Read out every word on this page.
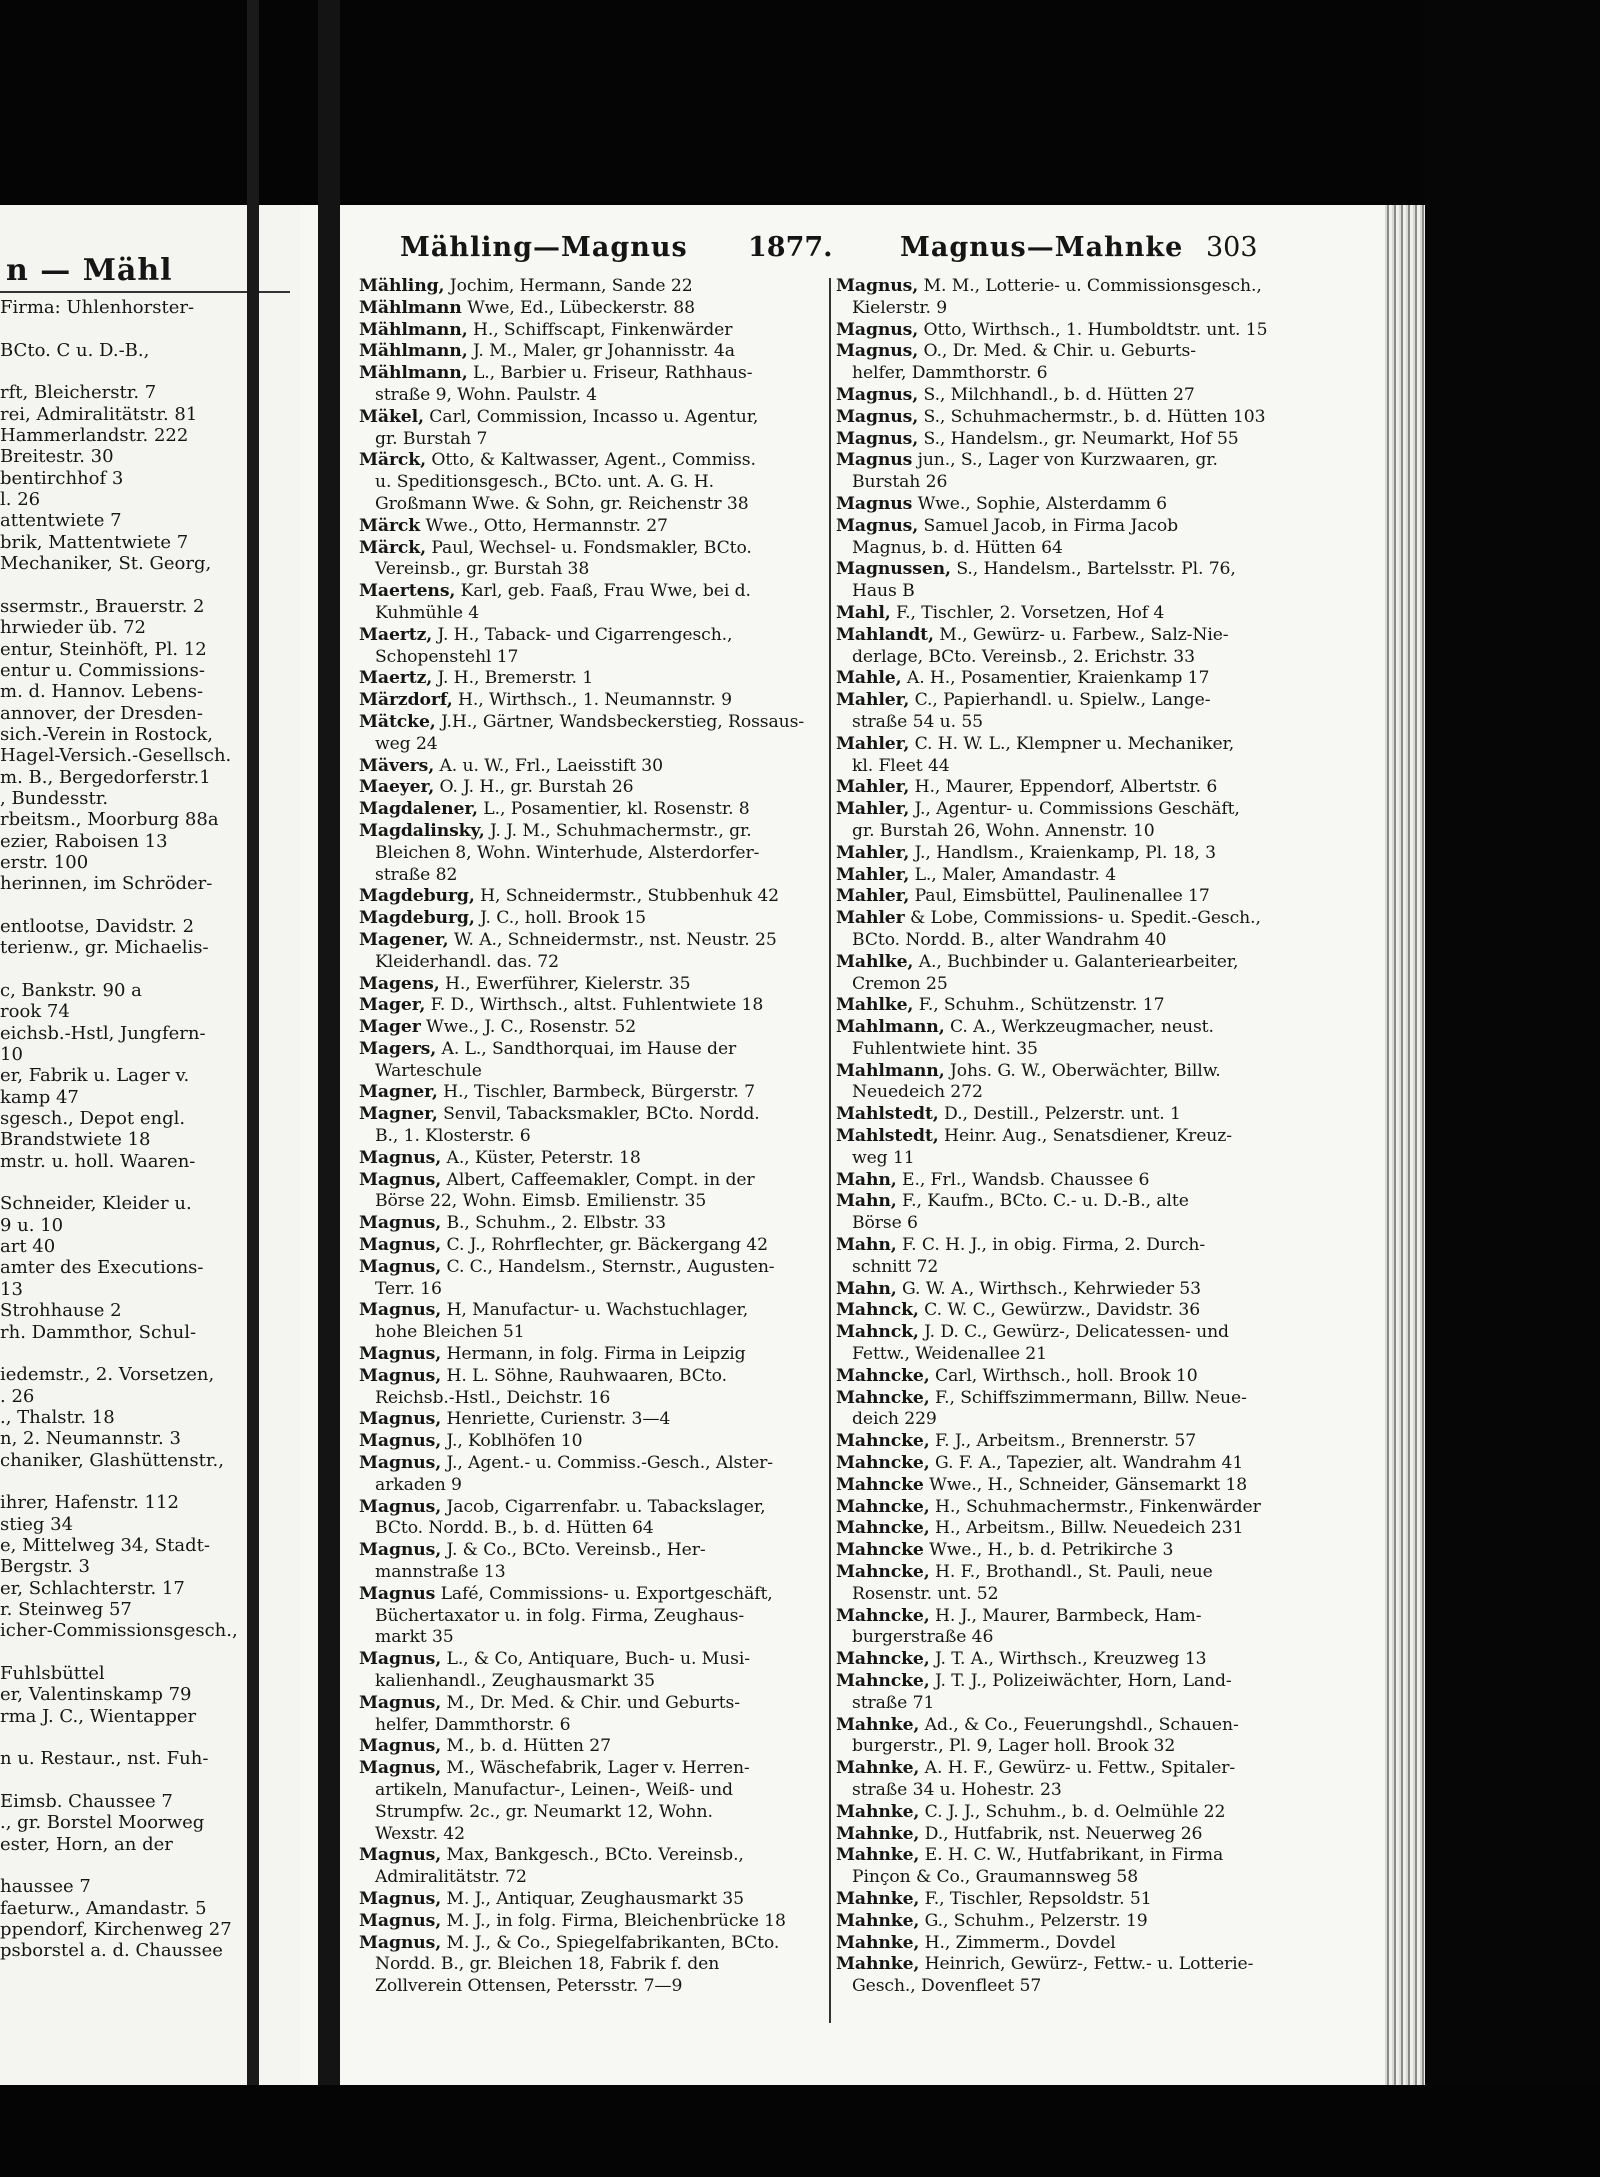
n — Mähl
Firma: Uhlenhorster-
BCto. C u. D.-B.,
rft, Bleicherstr. 7
rei, Admiralitätstr. 81
Hammerlandstr. 222
Breitestr. 30
bentirchhof 3
l. 26
attentwiete 7
brik, Mattentwiete 7
Mechaniker, St. Georg,
ssermstr., Brauerstr. 2
hrwieder üb. 72
entur, Steinhöft, Pl. 12
entur u. Commissions-
m. d. Hannov. Lebens-
annover, der Dresden-
sich.-Verein in Rostock,
Hagel-Versich.-Gesellsch.
m. B., Bergedorferstr.1
, Bundesstr.
rbeitsm., Moorburg 88a
ezier, Raboisen 13
erstr. 100
herinnen, im Schröder-
entlootse, Davidstr. 2
terienw., gr. Michaelis-
c, Bankstr. 90 a
rook 74
eichsb.-Hstl, Jungfern-
10
er, Fabrik u. Lager v.
kamp 47
sgesch., Depot engl.
Brandstwiete 18
mstr. u. holl. Waaren-
Schneider, Kleider u.
9 u. 10
art 40
amter des Executions-
13
Strohhause 2
rh. Dammthor, Schul-
iedemstr., 2. Vorsetzen,
. 26
., Thalstr. 18
n, 2. Neumannstr. 3
chaniker, Glashüttenstr.,
ihrer, Hafenstr. 112
stieg 34
e, Mittelweg 34, Stadt-
Bergstr. 3
er, Schlachterstr. 17
r. Steinweg 57
icher-Commissionsgesch.,
Fuhlsbüttel
er, Valentinskamp 79
rma J. C., Wientapper
n u. Restaur., nst. Fuh-
Eimsb. Chaussee 7
., gr. Borstel Moorweg
ester, Horn, an der
haussee 7
faeturw., Amandastr. 5
ppendorf, Kirchenweg 27
psborstel a. d. Chaussee
Mähling—Magnus 1877. Magnus—Mahnke 303
Mähling, Jochim, Hermann, Sande 22
Mählmann Wwe, Ed., Lübeckerstr. 88
Mählmann, H., Schiffscapt, Finkenwärder
Mählmann, J. M., Maler, gr Johannisstr. 4a
Mählmann, L., Barbier u. Friseur, Rathhaus-
straße 9, Wohn. Paulstr. 4
Mäkel, Carl, Commission, Incasso u. Agentur,
gr. Burstah 7
Märck, Otto, & Kaltwasser, Agent., Commiss.
u. Speditionsgesch., BCto. unt. A. G. H.
Großmann Wwe. & Sohn, gr. Reichenstr 38
Märck Wwe., Otto, Hermannstr. 27
Märck, Paul, Wechsel- u. Fondsmakler, BCto.
Vereinsb., gr. Burstah 38
Maertens, Karl, geb. Faaß, Frau Wwe, bei d.
Kuhmühle 4
Maertz, J. H., Taback- und Cigarrengesch.,
Schopenstehl 17
Maertz, J. H., Bremerstr. 1
Märzdorf, H., Wirthsch., 1. Neumannstr. 9
Mätcke, J.H., Gärtner, Wandsbeckerstieg, Rossaus-
weg 24
Mävers, A. u. W., Frl., Laeisstift 30
Maeyer, O. J. H., gr. Burstah 26
Magdalener, L., Posamentier, kl. Rosenstr. 8
Magdalinsky, J. J. M., Schuhmachermstr., gr.
Bleichen 8, Wohn. Winterhude, Alsterdorfer-
straße 82
Magdeburg, H, Schneidermstr., Stubbenhuk 42
Magdeburg, J. C., holl. Brook 15
Magener, W. A., Schneidermstr., nst. Neustr. 25
Kleiderhandl. das. 72
Magens, H., Ewerführer, Kielerstr. 35
Mager, F. D., Wirthsch., altst. Fuhlentwiete 18
Mager Wwe., J. C., Rosenstr. 52
Magers, A. L., Sandthorquai, im Hause der
Warteschule
Magner, H., Tischler, Barmbeck, Bürgerstr. 7
Magner, Senvil, Tabacksmakler, BCto. Nordd.
B., 1. Klosterstr. 6
Magnus, A., Küster, Peterstr. 18
Magnus, Albert, Caffeemakler, Compt. in der
Börse 22, Wohn. Eimsb. Emilienstr. 35
Magnus, B., Schuhm., 2. Elbstr. 33
Magnus, C. J., Rohrflechter, gr. Bäckergang 42
Magnus, C. C., Handelsm., Sternstr., Augusten-
Terr. 16
Magnus, H, Manufactur- u. Wachstuchlager,
hohe Bleichen 51
Magnus, Hermann, in folg. Firma in Leipzig
Magnus, H. L. Söhne, Rauhwaaren, BCto.
Reichsb.-Hstl., Deichstr. 16
Magnus, Henriette, Curienstr. 3—4
Magnus, J., Koblhöfen 10
Magnus, J., Agent.- u. Commiss.-Gesch., Alster-
arkaden 9
Magnus, Jacob, Cigarrenfabr. u. Tabackslager,
BCto. Nordd. B., b. d. Hütten 64
Magnus, J. & Co., BCto. Vereinsb., Her-
mannstraße 13
Magnus Lafé, Commissions- u. Exportgeschäft,
Büchertaxator u. in folg. Firma, Zeughaus-
markt 35
Magnus, L., & Co, Antiquare, Buch- u. Musi-
kalienhandl., Zeughausmarkt 35
Magnus, M., Dr. Med. & Chir. und Geburts-
helfer, Dammthorstr. 6
Magnus, M., b. d. Hütten 27
Magnus, M., Wäschefabrik, Lager v. Herren-
artikeln, Manufactur-, Leinen-, Weiß- und
Strumpfw. 2c., gr. Neumarkt 12, Wohn.
Wexstr. 42
Magnus, Max, Bankgesch., BCto. Vereinsb.,
Admiralitätstr. 72
Magnus, M. J., Antiquar, Zeughausmarkt 35
Magnus, M. J., in folg. Firma, Bleichenbrücke 18
Magnus, M. J., & Co., Spiegelfabrikanten, BCto.
Nordd. B., gr. Bleichen 18, Fabrik f. den
Zollverein Ottensen, Petersstr. 7—9
Magnus, M. M., Lotterie- u. Commissionsgesch.,
Kielerstr. 9
Magnus, Otto, Wirthsch., 1. Humboldtstr. unt. 15
Magnus, O., Dr. Med. & Chir. u. Geburts-
helfer, Dammthorstr. 6
Magnus, S., Milchhandl., b. d. Hütten 27
Magnus, S., Schuhmachermstr., b. d. Hütten 103
Magnus, S., Handelsm., gr. Neumarkt, Hof 55
Magnus jun., S., Lager von Kurzwaaren, gr.
Burstah 26
Magnus Wwe., Sophie, Alsterdamm 6
Magnus, Samuel Jacob, in Firma Jacob
Magnus, b. d. Hütten 64
Magnussen, S., Handelsm., Bartelsstr. Pl. 76,
Haus B
Mahl, F., Tischler, 2. Vorsetzen, Hof 4
Mahlandt, M., Gewürz- u. Farbew., Salz-Nie-
derlage, BCto. Vereinsb., 2. Erichstr. 33
Mahle, A. H., Posamentier, Kraienkamp 17
Mahler, C., Papierhandl. u. Spielw., Lange-
straße 54 u. 55
Mahler, C. H. W. L., Klempner u. Mechaniker,
kl. Fleet 44
Mahler, H., Maurer, Eppendorf, Albertstr. 6
Mahler, J., Agentur- u. Commissions Geschäft,
gr. Burstah 26, Wohn. Annenstr. 10
Mahler, J., Handlsm., Kraienkamp, Pl. 18, 3
Mahler, L., Maler, Amandastr. 4
Mahler, Paul, Eimsbüttel, Paulinenallee 17
Mahler & Lobe, Commissions- u. Spedit.-Gesch.,
BCto. Nordd. B., alter Wandrahm 40
Mahlke, A., Buchbinder u. Galanteriearbeiter,
Cremon 25
Mahlke, F., Schuhm., Schützenstr. 17
Mahlmann, C. A., Werkzeugmacher, neust.
Fuhlentwiete hint. 35
Mahlmann, Johs. G. W., Oberwächter, Billw.
Neuedeich 272
Mahlstedt, D., Destill., Pelzerstr. unt. 1
Mahlstedt, Heinr. Aug., Senatsdiener, Kreuz-
weg 11
Mahn, E., Frl., Wandsb. Chaussee 6
Mahn, F., Kaufm., BCto. C.- u. D.-B., alte
Börse 6
Mahn, F. C. H. J., in obig. Firma, 2. Durch-
schnitt 72
Mahn, G. W. A., Wirthsch., Kehrwieder 53
Mahnck, C. W. C., Gewürzw., Davidstr. 36
Mahnck, J. D. C., Gewürz-, Delicatessen- und
Fettw., Weidenallee 21
Mahncke, Carl, Wirthsch., holl. Brook 10
Mahncke, F., Schiffszimmermann, Billw. Neue-
deich 229
Mahncke, F. J., Arbeitsm., Brennerstr. 57
Mahncke, G. F. A., Tapezier, alt. Wandrahm 41
Mahncke Wwe., H., Schneider, Gänsemarkt 18
Mahncke, H., Schuhmachermstr., Finkenwärder
Mahncke, H., Arbeitsm., Billw. Neuedeich 231
Mahncke Wwe., H., b. d. Petrikirche 3
Mahncke, H. F., Brothandl., St. Pauli, neue
Rosenstr. unt. 52
Mahncke, H. J., Maurer, Barmbeck, Ham-
burgerstraße 46
Mahncke, J. T. A., Wirthsch., Kreuzweg 13
Mahncke, J. T. J., Polizeiwächter, Horn, Land-
straße 71
Mahnke, Ad., & Co., Feuerungshdl., Schauen-
burgerstr., Pl. 9, Lager holl. Brook 32
Mahnke, A. H. F., Gewürz- u. Fettw., Spitaler-
straße 34 u. Hohestr. 23
Mahnke, C. J. J., Schuhm., b. d. Oelmühle 22
Mahnke, D., Hutfabrik, nst. Neuerweg 26
Mahnke, E. H. C. W., Hutfabrikant, in Firma
Pinçon & Co., Graumannsweg 58
Mahnke, F., Tischler, Repsoldstr. 51
Mahnke, G., Schuhm., Pelzerstr. 19
Mahnke, H., Zimmerm., Dovdel
Mahnke, Heinrich, Gewürz-, Fettw.- u. Lotterie-
Gesch., Dovenfleet 57
